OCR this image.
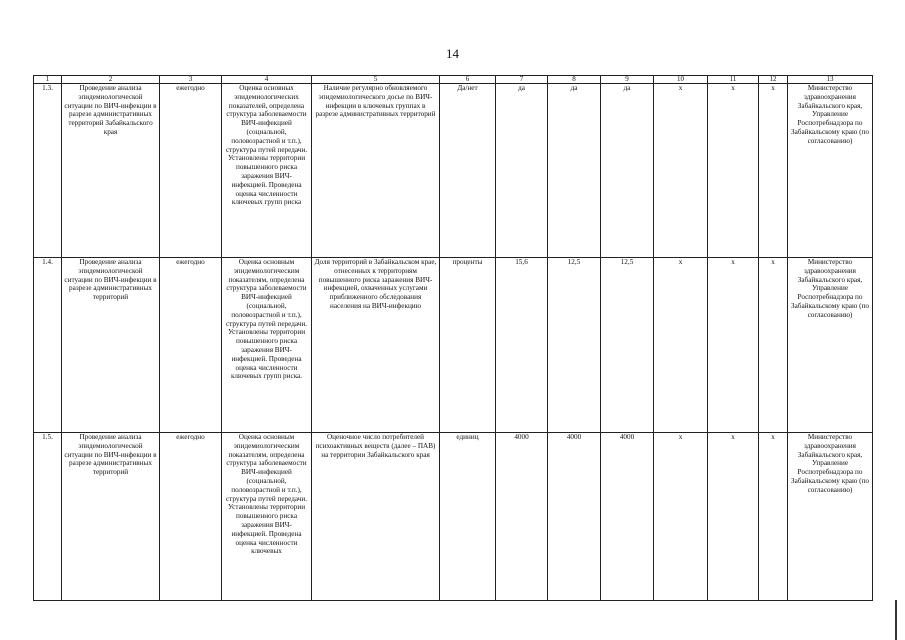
14
1	2	3	4	5	6	7	8	9	10	11	12	13
1.3.	Проведение анализа эпидемиологической ситуации по ВИЧ-инфекции в разрезе административных территорий Забайкальского края	ежегодно	Оценка основных эпидемиологических показателей, определена структура заболеваемости ВИЧ-инфекцией (социальной, половозрастной и т.п.), структура путей передачи. Установлены территории повышенного риска заражения ВИЧ-инфекцией. Проведена оценка численности ключевых групп риска	Наличие регулярно обновляемого эпидемиологического досье по ВИЧ-инфекции в ключевых группах в разрезе административных территорий	Да/нет	да	да	да	х	х	х	Министерство здравоохранения Забайкальского края, Управление Роспотребнадзора по Забайкальскому краю (по согласованию)
1.4.	Проведение анализа эпидемиологической ситуации по ВИЧ-инфекции в разрезе административных территорий	ежегодно	Оценка основным эпидемиологическим показателям, определена структура заболеваемости ВИЧ-инфекцией (социальной, половозрастной и т.п.), структура путей передачи. Установлены территории повышенного риска заражения ВИЧ-инфекцией. Проведена оценка численности ключевых групп риска.	Доля территорий в Забайкальском крае, отнесенных к территориям повышенного риска заражения ВИЧ-инфекцией, охваченных услугами приближенного обследования населения на ВИЧ-инфекцию	проценты	15,6	12,5	12,5	х	х	х	Министерство здравоохранения Забайкальского края, Управление Роспотребнадзора по Забайкальскому краю (по согласованию)
1.5.	Проведение анализа эпидемиологической ситуации по ВИЧ-инфекции в разрезе административных территорий	ежегодно	Оценка основным эпидемиологическим показателям, определена структура заболеваемости ВИЧ-инфекцией (социальной, половозрастной и т.п.), структура путей передачи. Установлены территории повышенного риска заражения ВИЧ-инфекцией. Проведена оценка численности ключевых	Оценочное число потребителей психоактивных веществ (далее – ПАВ) на территории Забайкальского края	единиц	4000	4000	4000	х	х	х	Министерство здравоохранения Забайкальского края, Управление Роспотребнадзора по Забайкальскому краю (по согласованию)
